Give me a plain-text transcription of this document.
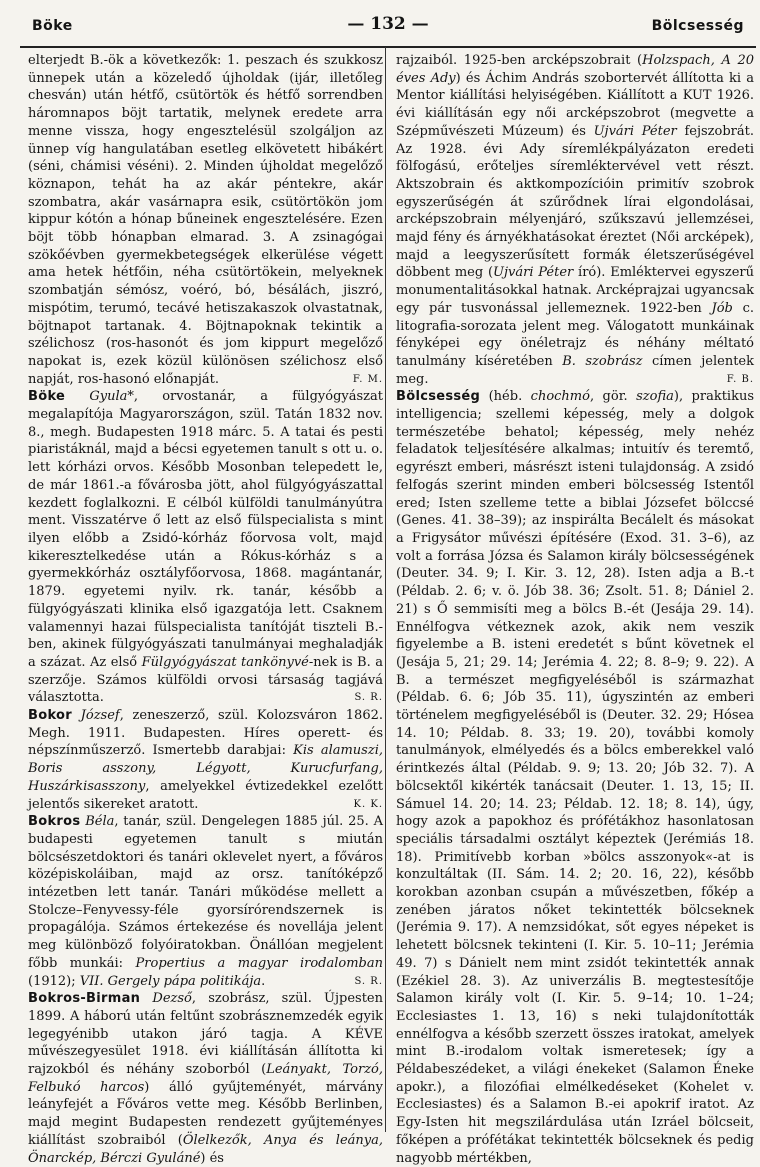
Böke	— 132 —	Bölcsesség

elterjedt B.-ök a következők: 1. peszach és szukkosz ünnepek után a közeledő újholdak (ijár, illetőleg chesván) után hétfő, csütörtök és hétfő sorrendben háromnapos böjt tartatik, melynek eredete arra menne vissza, hogy engesztelésül szolgáljon az ünnep víg hangulatában esetleg elkövetett hibákért (séni, chámisi véséni). 2. Minden újholdat megelőző köznapon, tehát ha az akár péntekre, akár szombatra, akár vasárnapra esik, csütörtökön jom kippur kótón a hónap bűneinek engesztelésére. Ezen böjt több hónapban elmarad. 3. A zsinagógai szökőévben gyermekbetegségek elkerülése végett ama hetek hétfőin, néha csütörtökein, melyeknek szombatján sémósz, voéró, bó, bésálách, jiszró, mispótim, terumó, tecávé hetiszakaszok olvastatnak, böjtnapot tartanak. 4. Böjtnapoknak tekintik a szélichosz (ros-hasonót és jom kippurt megelőző napokat is, ezek közül különösen szélichosz első napját, ros-hasonó előnapját.	F. M.

Böke Gyula*, orvostanár, a fülgyógyászat megalapítója Magyarországon, szül. Tatán 1832 nov. 8., megh. Budapesten 1918 márc. 5. A tatai és pesti piaristáknál, majd a bécsi egyetemen tanult s ott u. o. lett kórházi orvos. Később Mosonban telepedett le, de már 1861.-a fővárosba jött, ahol fülgyógyászattal kezdett foglalkozni. E célból külföldi tanulmányútra ment. Visszatérve ő lett az első fülspecialista s mint ilyen előbb a Zsidó-kórház főorvosa volt, majd kikeresztelkedése után a Rókus-kórház s a gyermekkórház osztályfőorvosa, 1868. magántanár, 1879. egyetemi nyilv. rk. tanár, később a fülgyógyászati klinika első igazgatója lett. Csaknem valamennyi hazai fülspecialista tanítóját tiszteli B.-ben, akinek fülgyógyászati tanulmányai meghaladják a százat. Az első Fülgyógyászat tankönyvé-nek is B. a szerzője. Számos külföldi orvosi társaság tagjává választotta.	S. R.

Bokor József, zeneszerző, szül. Kolozsváron 1862. Megh. 1911. Budapesten. Híres operett- és népszínműszerző. Ismertebb darabjai: Kis alamuszi, Boris asszony, Légyott, Kurucfurfang, Huszárkisasszony, amelyekkel évtizedekkel ezelőtt jelentős sikereket aratott.	K. K.

Bokros Béla, tanár, szül. Dengelegen 1885 júl. 25. A budapesti egyetemen tanult s miután bölcsészetdoktori és tanári oklevelet nyert, a főváros középiskoláiban, majd az orsz. tanítóképző intézetben lett tanár. Tanári működése mellett a Stolcze–Fenyvessy-féle gyorsírórendszernek is propagálója. Számos értekezése és novellája jelent meg különböző folyóiratokban. Önállóan megjelent főbb munkái: Propertius a magyar irodalomban (1912); VII. Gergely pápa politikája.	S. R.

Bokros-Birman Dezső, szobrász, szül. Újpesten 1899. A háború után feltűnt szobrásznemzedék egyik legegyénibb utakon járó tagja. A KÉVE művészegyesület 1918. évi kiállításán állította ki rajzokból és néhány szoborból (Leányakt, Torzó, Felbukó harcos) álló gyűjteményét, márvány leányfejét a Főváros vette meg. Később Berlinben, majd megint Budapesten rendezett gyűjteményes kiállítást szobraiból (Ölelkezők, Anya és leánya, Önarckép, Bérczi Gyuláné) és

rajzaiból. 1925-ben arcképszobrait (Holzspach, A 20 éves Ady) és Áchim András szobortervét állította ki a Mentor kiállítási helyiségében. Kiállított a KUT 1926. évi kiállításán egy női arcképszobrot (megvette a Szépművészeti Múzeum) és Ujvári Péter fejszobrát. Az 1928. évi Ady síremlékpályázaton eredeti fölfogású, erőteljes síremléktervével vett részt. Aktszobrain és aktkompozícióin primitív szobrok egyszerűségén át szűrődnek lírai elgondolásai, arcképszobrain mélyenjáró, szűkszavú jellemzései, majd fény és árnyékhatásokat éreztet (Női arcképek), majd a leegyszerűsített formák életszerűségével döbbent meg (Ujvári Péter író). Emléktervei egyszerű monumentalitásokkal hatnak. Arcképrajzai ugyancsak egy pár tusvonással jellemeznek. 1922-ben Jób c. litografia-sorozata jelent meg. Válogatott munkáinak fényképei egy önéletrajz és néhány méltató tanulmány kíséretében B. szobrász címen jelentek meg.	F. B.

Bölcsesség (héb. chochmó, gör. szofia), praktikus intelligencia; szellemi képesség, mely a dolgok természetébe behatol; képesség, mely nehéz feladatok teljesítésére alkalmas; intuitív és teremtő, egyrészt emberi, másrészt isteni tulajdonság. A zsidó felfogás szerint minden emberi bölcsesség Istentől ered; Isten szelleme tette a biblai Józsefet bölccsé (Genes. 41. 38–39); az inspirálta Becálelt és másokat a Frigysátor művészi építésére (Exod. 31. 3–6), az volt a forrása Józsa és Salamon király bölcsességének (Deuter. 34. 9; I. Kir. 3. 12, 28). Isten adja a B.-t (Példab. 2. 6; v. ö. Jób 38. 36; Zsolt. 51. 8; Dániel 2. 21) s Ő semmisíti meg a bölcs B.-ét (Jesája 29. 14). Ennélfogva vétkeznek azok, akik nem veszik figyelembe a B. isteni eredetét s bűnt követnek el (Jesája 5, 21; 29. 14; Jerémia 4. 22; 8. 8–9; 9. 22). A B. a természet megfigyeléséből is származhat (Példab. 6. 6; Jób 35. 11), úgyszintén az emberi történelem megfigyeléséből is (Deuter. 32. 29; Hósea 14. 10; Példab. 8. 33; 19. 20), további komoly tanulmányok, elmélyedés és a bölcs emberekkel való érintkezés által (Példab. 9. 9; 13. 20; Jób 32. 7). A bölcsektől kikérték tanácsait (Deuter. 1. 13, 15; II. Sámuel 14. 20; 14. 23; Példab. 12. 18; 8. 14), úgy, hogy azok a papokhoz és prófétákhoz hasonlatosan speciális társadalmi osztályt képeztek (Jerémiás 18. 18). Primitívebb korban »bölcs asszonyok«-at is konzultáltak (II. Sám. 14. 2; 20. 16, 22), később korokban azonban csupán a művészetben, főkép a zenében járatos nőket tekintették bölcseknek (Jerémia 9. 17). A nemzsidókat, sőt egyes népeket is lehetett bölcsnek tekinteni (I. Kir. 5. 10–11; Jerémia 49. 7) s Dánielt nem mint zsidót tekintették annak (Ezékiel 28. 3). Az univerzális B. megtestesítője Salamon király volt (I. Kir. 5. 9–14; 10. 1–24; Ecclesiastes 1. 13, 16) s neki tulajdonították ennélfogva a később szerzett összes iratokat, amelyek mint B.-irodalom voltak ismeretesek; így a Példabeszédeket, a világi énekeket (Salamon Éneke apokr.), a filozófiai elmélkedéseket (Kohelet v. Ecclesiastes) és a Salamon B.-ei apokrif iratot. Az Egy-Isten hit megszilárdulása után Izráel bölcseit, főképen a prófétákat tekintették bölcseknek és pedig nagyobb mértékben,
